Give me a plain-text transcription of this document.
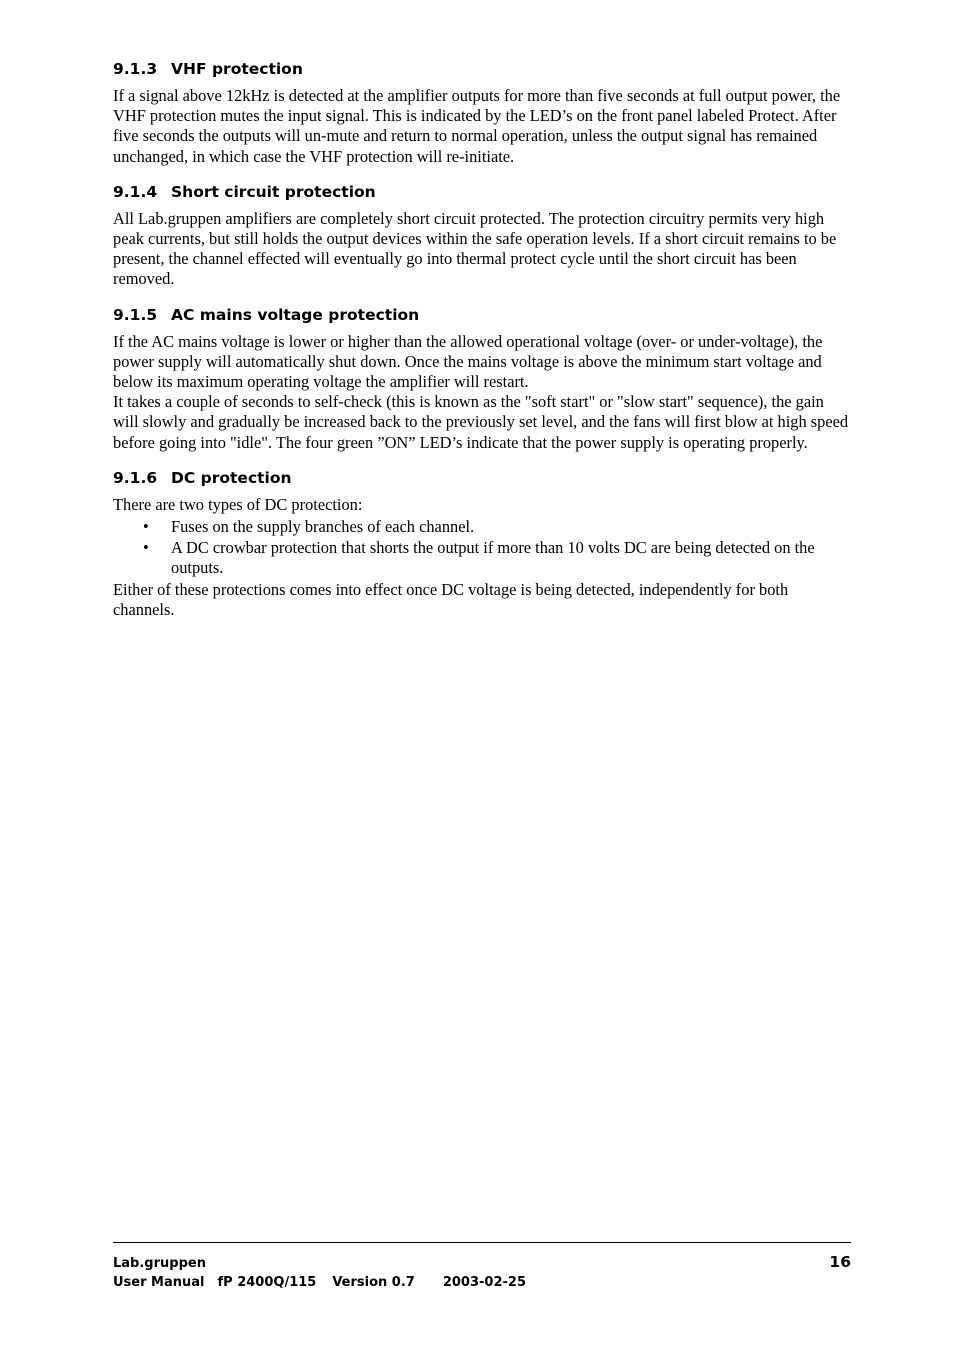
9.1.3 VHF protection

If a signal above 12kHz is detected at the amplifier outputs for more than five seconds at full output power, the VHF protection mutes the input signal. This is indicated by the LED’s on the front panel labeled Protect. After five seconds the outputs will un-mute and return to normal operation, unless the output signal has remained unchanged, in which case the VHF protection will re-initiate.

9.1.4 Short circuit protection

All Lab.gruppen amplifiers are completely short circuit protected. The protection circuitry permits very high peak currents, but still holds the output devices within the safe operation levels. If a short circuit remains to be present, the channel effected will eventually go into thermal protect cycle until the short circuit has been removed.

9.1.5 AC mains voltage protection

If the AC mains voltage is lower or higher than the allowed operational voltage (over- or under-voltage), the power supply will automatically shut down. Once the mains voltage is above the minimum start voltage and below its maximum operating voltage the amplifier will restart.

It takes a couple of seconds to self-check (this is known as the "soft start" or "slow start" sequence), the gain will slowly and gradually be increased back to the previously set level, and the fans will first blow at high speed before going into "idle". The four green ”ON” LED’s indicate that the power supply is operating properly.

9.1.6 DC protection

There are two types of DC protection:

• Fuses on the supply branches of each channel.
• A DC crowbar protection that shorts the output if more than 10 volts DC are being detected on the outputs.

Either of these protections comes into effect once DC voltage is being detected, independently for both channels.

Lab.gruppen
User Manual fP 2400Q/115 Version 0.7 2003-02-25
16
